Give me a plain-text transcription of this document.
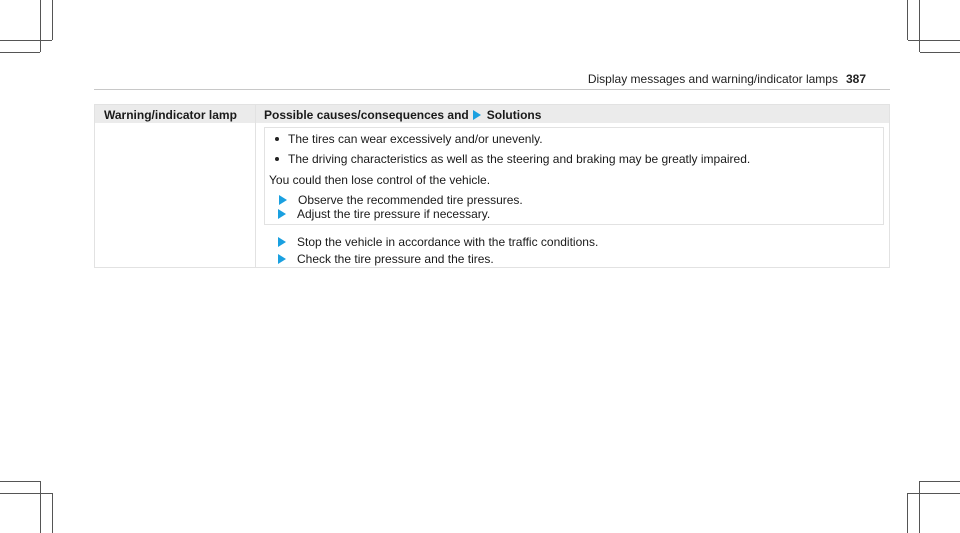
Display messages and warning/indicator lamps 387
Warning/indicator lamp Possible causes/consequences and Solutions
The tires can wear excessively and/or unevenly.
The driving characteristics as well as the steering and braking may be greatly impaired.
You could then lose control of the vehicle.
Observe the recommended tire pressures.
Adjust the tire pressure if necessary.
Stop the vehicle in accordance with the traffic conditions.
Check the tire pressure and the tires.
